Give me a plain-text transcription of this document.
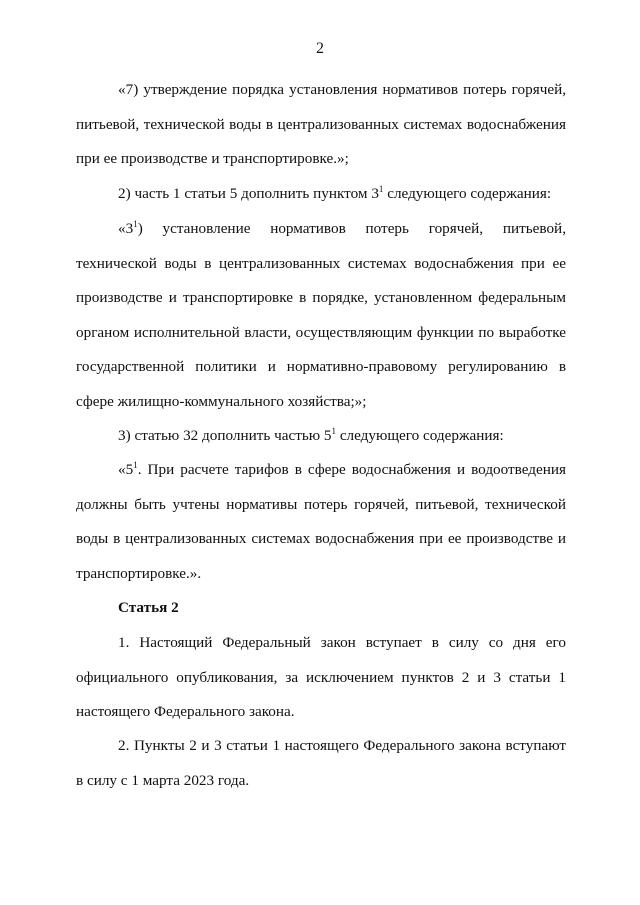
2

«7) утверждение порядка установления нормативов потерь горячей, питьевой, технической воды в централизованных системах водоснабжения при ее производстве и транспортировке.»;

2) часть 1 статьи 5 дополнить пунктом $3^1$ следующего содержания:

«$3^1$) установление нормативов потерь горячей, питьевой, технической воды в централизованных системах водоснабжения при ее производстве и транспортировке в порядке, установленном федеральным органом исполнительной власти, осуществляющим функции по выработке государственной политики и нормативно-правовому регулированию в сфере жилищно-коммунального хозяйства;»;

3) статью 32 дополнить частью $5^1$ следующего содержания:

«$5^1$. При расчете тарифов в сфере водоснабжения и водоотведения должны быть учтены нормативы потерь горячей, питьевой, технической воды в централизованных системах водоснабжения при ее производстве и транспортировке.».

Статья 2

1. Настоящий Федеральный закон вступает в силу со дня его официального опубликования, за исключением пунктов 2 и 3 статьи 1 настоящего Федерального закона.

2. Пункты 2 и 3 статьи 1 настоящего Федерального закона вступают в силу с 1 марта 2023 года.
